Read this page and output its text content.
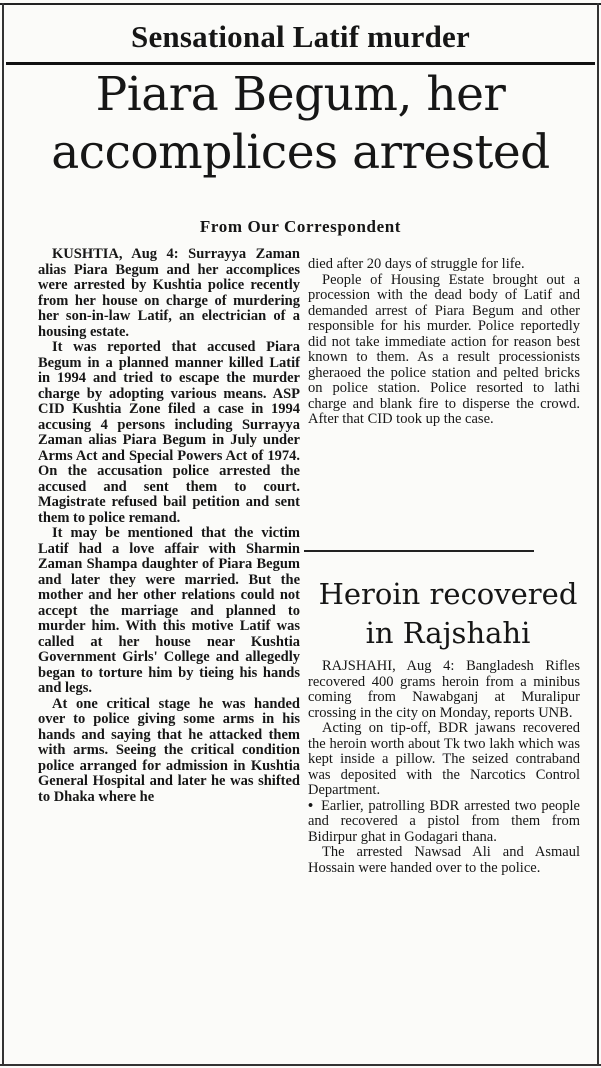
Sensational Latif murder
Piara Begum, her
accomplices arrested
From Our Correspondent

KUSHTIA, Aug 4: Surrayya Zaman alias Piara Begum and her accomplices were arrested by Kushtia police recently from her house on charge of murdering her son-in-law Latif, an electrician of a housing estate.

It was reported that accused Piara Begum in a planned manner killed Latif in 1994 and tried to escape the murder charge by adopting various means. ASP CID Kushtia Zone filed a case in 1994 accusing 4 persons including Surrayya Zaman alias Piara Begum in July under Arms Act and Special Powers Act of 1974. On the accusation police arrested the accused and sent them to court. Magistrate refused bail petition and sent them to police remand.

It may be mentioned that the victim Latif had a love affair with Sharmin Zaman Shampa daughter of Piara Begum and later they were married. But the mother and her other relations could not accept the marriage and planned to murder him. With this motive Latif was called at her house near Kushtia Government Girls' College and allegedly began to torture him by tieing his hands and legs.

At one critical stage he was handed over to police giving some arms in his hands and saying that he attacked them with arms. Seeing the critical condition police arranged for admission in Kushtia General Hospital and later he was shifted to Dhaka where he

died after 20 days of struggle for life.

People of Housing Estate brought out a procession with the dead body of Latif and demanded arrest of Piara Begum and other responsible for his murder. Police reportedly did not take immediate action for reason best known to them. As a result processionists gheraoed the police station and pelted bricks on police station. Police resorted to lathi charge and blank fire to disperse the crowd. After that CID took up the case.

Heroin recovered
in Rajshahi

RAJSHAHI, Aug 4: Bangladesh Rifles recovered 400 grams heroin from a minibus coming from Nawabganj at Muralipur crossing in the city on Monday, reports UNB.

Acting on tip-off, BDR jawans recovered the heroin worth about Tk two lakh which was kept inside a pillow. The seized contraband was deposited with the Narcotics Control Department.

• Earlier, patrolling BDR arrested two people and recovered a pistol from them from Bidirpur ghat in Godagari thana.

The arrested Nawsad Ali and Asmaul Hossain were handed over to the police.
